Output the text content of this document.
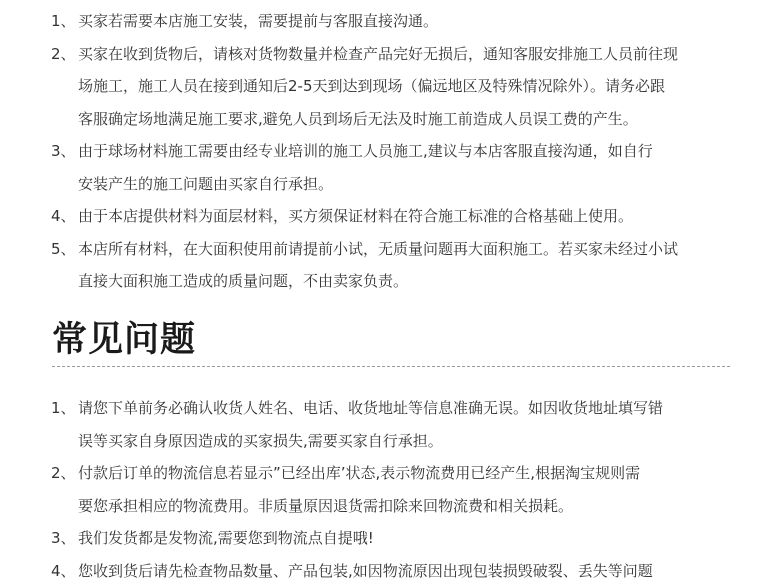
1、 买家若需要本店施工安装，需要提前与客服直接沟通。
2、 买家在收到货物后，请核对货物数量并检查产品完好无损后，通知客服安排施工人员前往现
场施工，施工人员在接到通知后2-5天到达到现场（偏远地区及特殊情况除外）。请务必跟
客服确定场地满足施工要求,避免人员到场后无法及时施工前造成人员误工费的产生。
3、 由于球场材料施工需要由经专业培训的施工人员施工,建议与本店客服直接沟通，如自行
安装产生的施工问题由买家自行承担。
4、 由于本店提供材料为面层材料，买方须保证材料在符合施工标准的合格基础上使用。
5、 本店所有材料，在大面积使用前请提前小试，无质量问题再大面积施工。若买家未经过小试
直接大面积施工造成的质量问题，不由卖家负责。
常见问题
1、 请您下单前务必确认收货人姓名、电话、收货地址等信息准确无误。如因收货地址填写错
误等买家自身原因造成的买家损失,需要买家自行承担。
2、 付款后订单的物流信息若显示”已经出库’状态,表示物流费用已经产生,根据淘宝规则需
要您承担相应的物流费用。非质量原因退货需扣除来回物流费和相关损耗。
3、 我们发货都是发物流,需要您到物流点自提哦!
4、 您收到货后请先检查物品数量、产品包装,如因物流原因出现包装损毁破裂、丢失等问题
